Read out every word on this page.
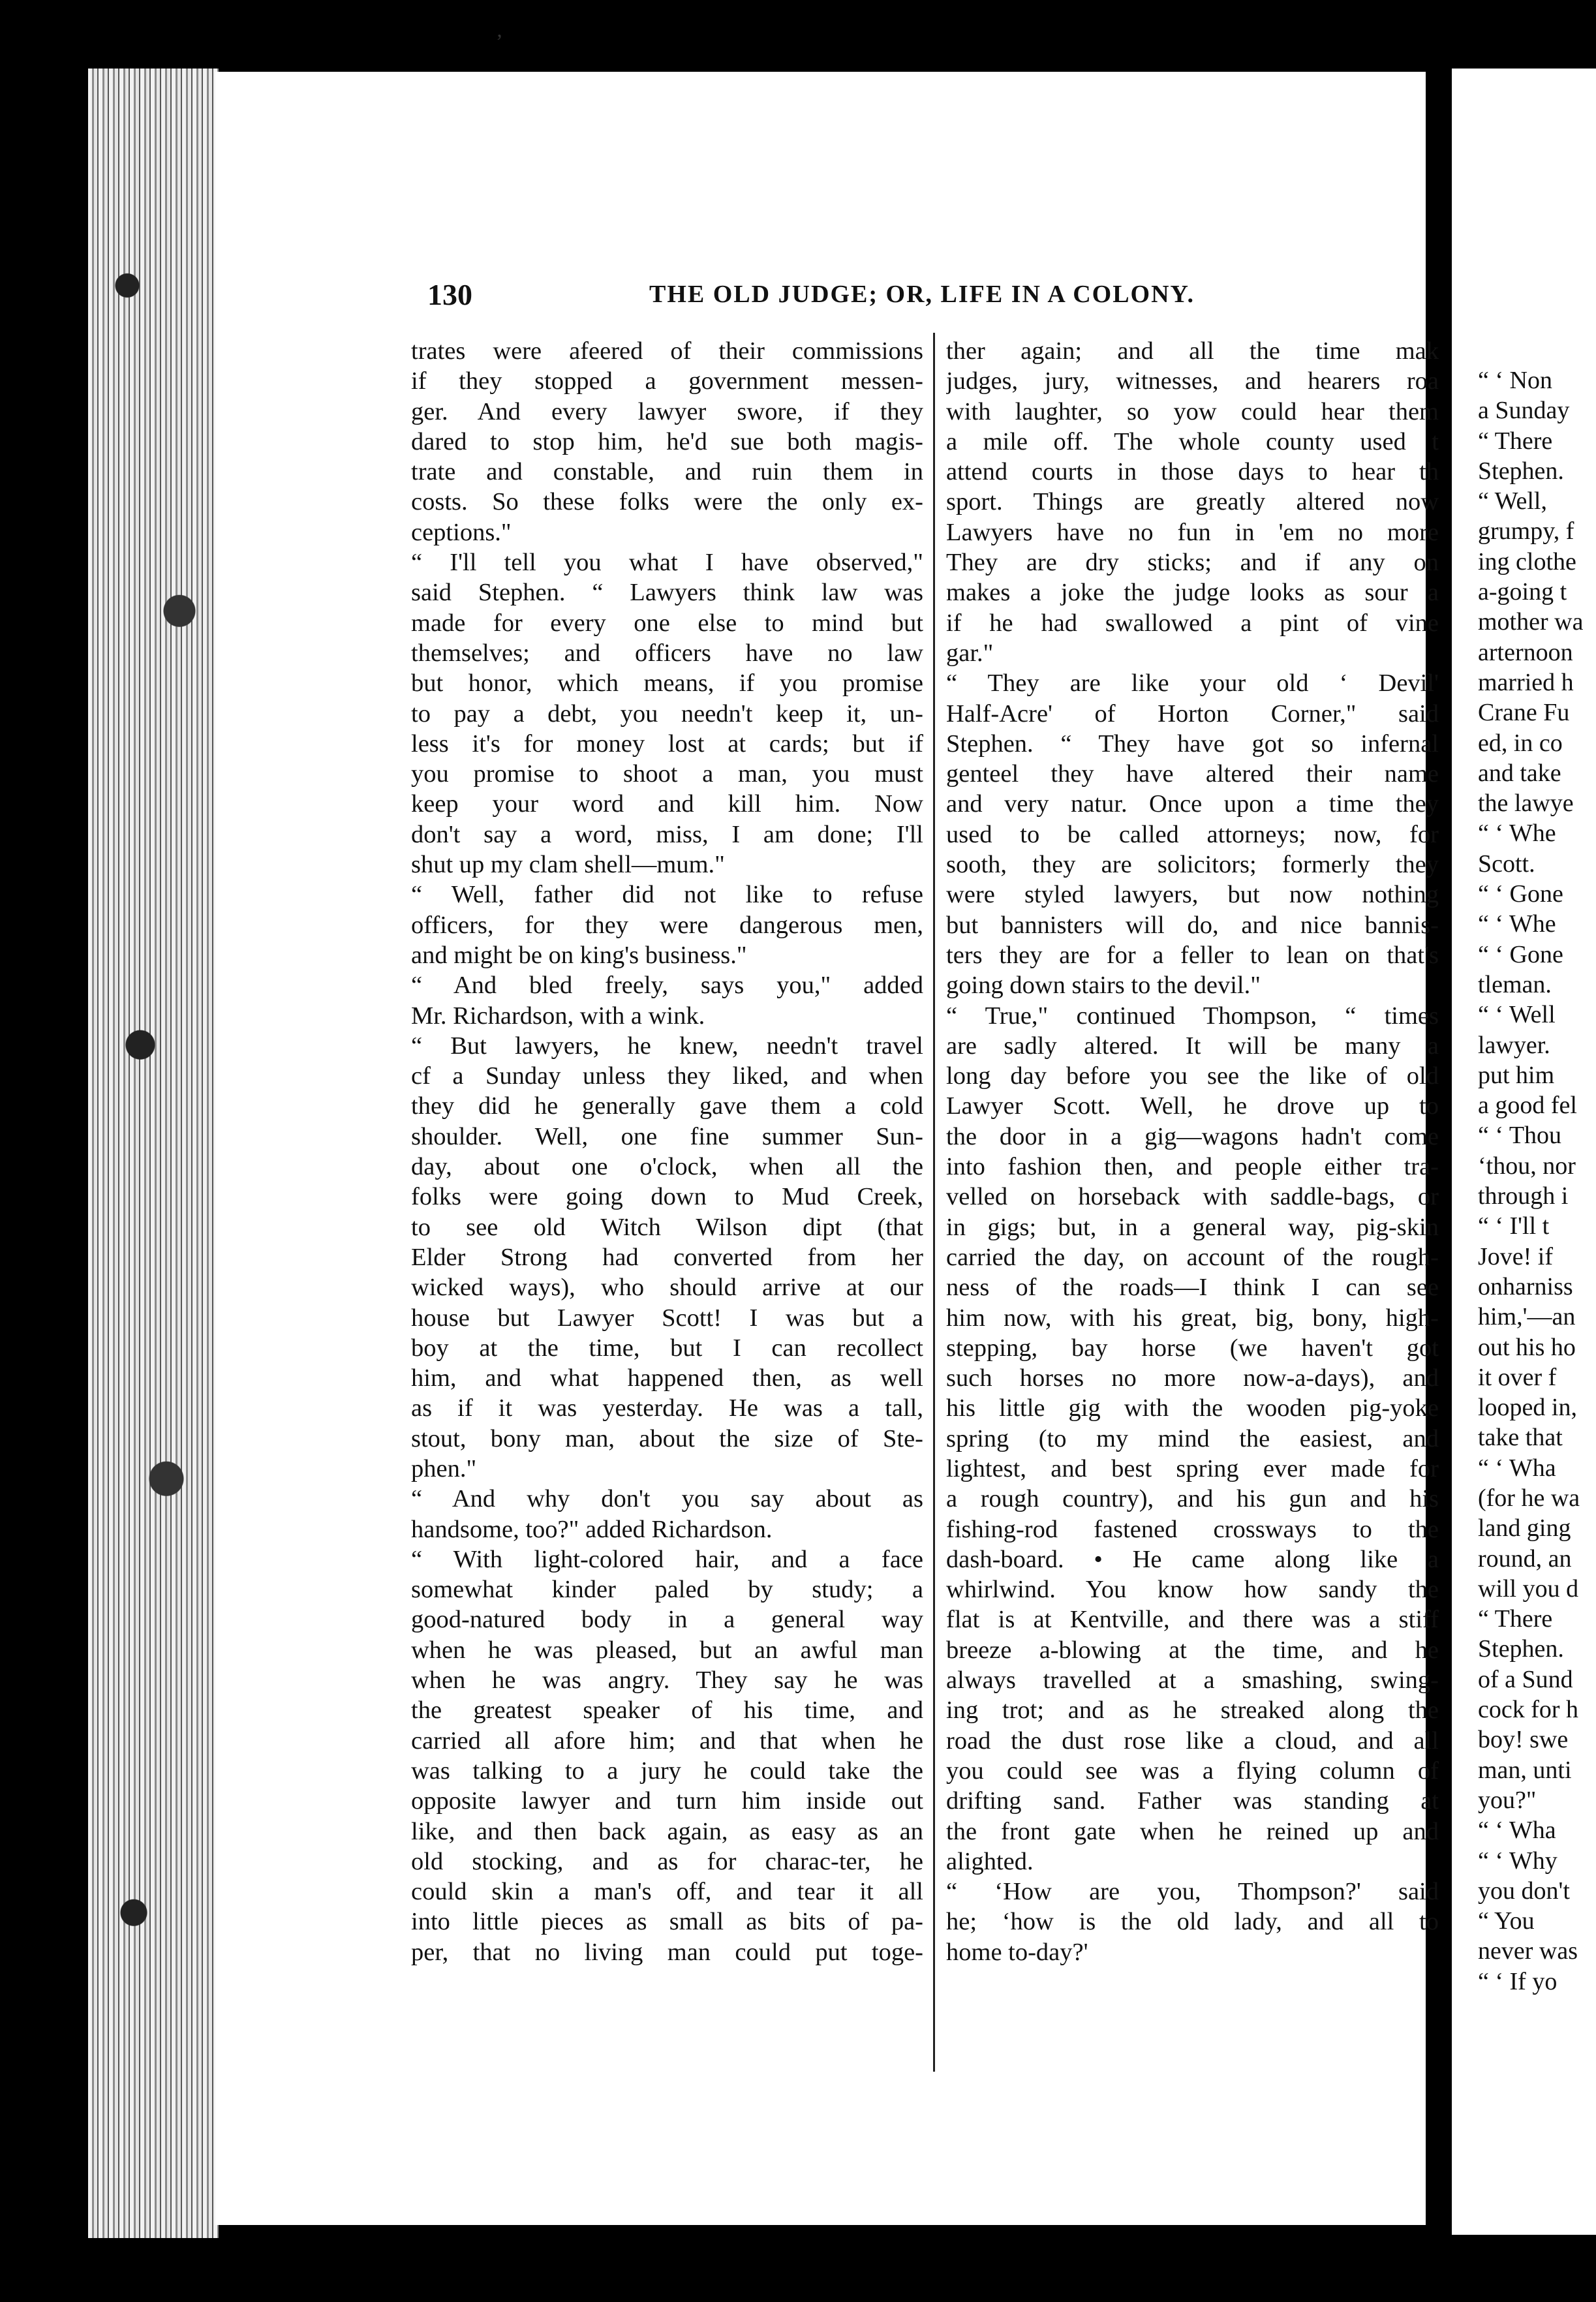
’
130	THE OLD JUDGE; OR, LIFE IN A COLONY.
trates were afeered of their commissions
if they stopped a government messen-
ger. And every lawyer swore, if they
dared to stop him, he'd sue both magis-
trate and constable, and ruin them in
costs. So these folks were the only ex-
ceptions."
“ I'll tell you what I have observed,"
said Stephen. “ Lawyers think law was
made for every one else to mind but
themselves; and officers have no law
but honor, which means, if you promise
to pay a debt, you needn't keep it, un-
less it's for money lost at cards; but if
you promise to shoot a man, you must
keep your word and kill him. Now
don't say a word, miss, I am done; I'll
shut up my clam shell—mum."
“ Well, father did not like to refuse
officers, for they were dangerous men,
and might be on king's business."
“ And bled freely, says you," added
Mr. Richardson, with a wink.
“ But lawyers, he knew, needn't travel
cf a Sunday unless they liked, and when
they did he generally gave them a cold
shoulder. Well, one fine summer Sun-
day, about one o'clock, when all the
folks were going down to Mud Creek,
to see old Witch Wilson dipt (that
Elder Strong had converted from her
wicked ways), who should arrive at our
house but Lawyer Scott! I was but a
boy at the time, but I can recollect
him, and what happened then, as well
as if it was yesterday. He was a tall,
stout, bony man, about the size of Ste-
phen."
“ And why don't you say about as
handsome, too?" added Richardson.
“ With light-colored hair, and a face
somewhat kinder paled by study; a
good-natured body in a general way
when he was pleased, but an awful man
when he was angry. They say he was
the greatest speaker of his time, and
carried all afore him; and that when he
was talking to a jury he could take the
opposite lawyer and turn him inside out
like, and then back again, as easy as an
old stocking, and as for charac-ter, he
could skin a man's off, and tear it all
into little pieces as small as bits of pa-
per, that no living man could put toge-
ther again; and all the time mak
judges, jury, witnesses, and hearers roa
with laughter, so yow could hear them
a mile off. The whole county used t
attend courts in those days to hear th
sport. Things are greatly altered now
Lawyers have no fun in 'em no more
They are dry sticks; and if any on
makes a joke the judge looks as sour a
if he had swallowed a pint of vine
gar."
“ They are like your old ‘ Devil'
Half-Acre' of Horton Corner," said
Stephen. “ They have got so infernal
genteel they have altered their name
and very natur. Once upon a time they
used to be called attorneys; now, for
sooth, they are solicitors; formerly they
were styled lawyers, but now nothing
but bannisters will do, and nice bannis-
ters they are for a feller to lean on that's
going down stairs to the devil."
“ True," continued Thompson, “ times
are sadly altered. It will be many a
long day before you see the like of old
Lawyer Scott. Well, he drove up to
the door in a gig—wagons hadn't come
into fashion then, and people either tra-
velled on horseback with saddle-bags, or
in gigs; but, in a general way, pig-skin
carried the day, on account of the rough-
ness of the roads—I think I can see
him now, with his great, big, bony, high-
stepping, bay horse (we haven't got
such horses no more now-a-days), and
his little gig with the wooden pig-yoke
spring (to my mind the easiest, and
lightest, and best spring ever made for
a rough country), and his gun and his
fishing-rod fastened crossways to the
dash-board. • He came along like a
whirlwind. You know how sandy the
flat is at Kentville, and there was a stiff
breeze a-blowing at the time, and he
always travelled at a smashing, swing-
ing trot; and as he streaked along the
road the dust rose like a cloud, and all
you could see was a flying column of
drifting sand. Father was standing at
the front gate when he reined up and
alighted.
“ ‘How are you, Thompson?' said
he; ‘how is the old lady, and all to
home to-day?'
“ ‘ Non
a Sunday
“ There
Stephen.
“ Well,
grumpy, f
ing clothe
a-going t
mother wa
arternoon
married h
Crane Fu
ed, in co
and take
the lawye
“ ‘ Whe
Scott.
“ ‘ Gone
“ ‘ Whe
“ ‘ Gone
tleman.
“ ‘ Well
lawyer.
put him
a good fel
“ ‘ Thou
‘thou, nor
through i
“ ‘ I'll t
Jove! if
onharniss
him,'—an
out his ho
it over f
looped in,
take that
“ ‘ Wha
(for he wa
land ging
round, an
will you d
“ There
Stephen.
of a Sund
cock for h
boy! swe
man, unti
you?"
“ ‘ Wha
“ ‘ Why
you don't
“ You
never was
“ ‘ If yo
